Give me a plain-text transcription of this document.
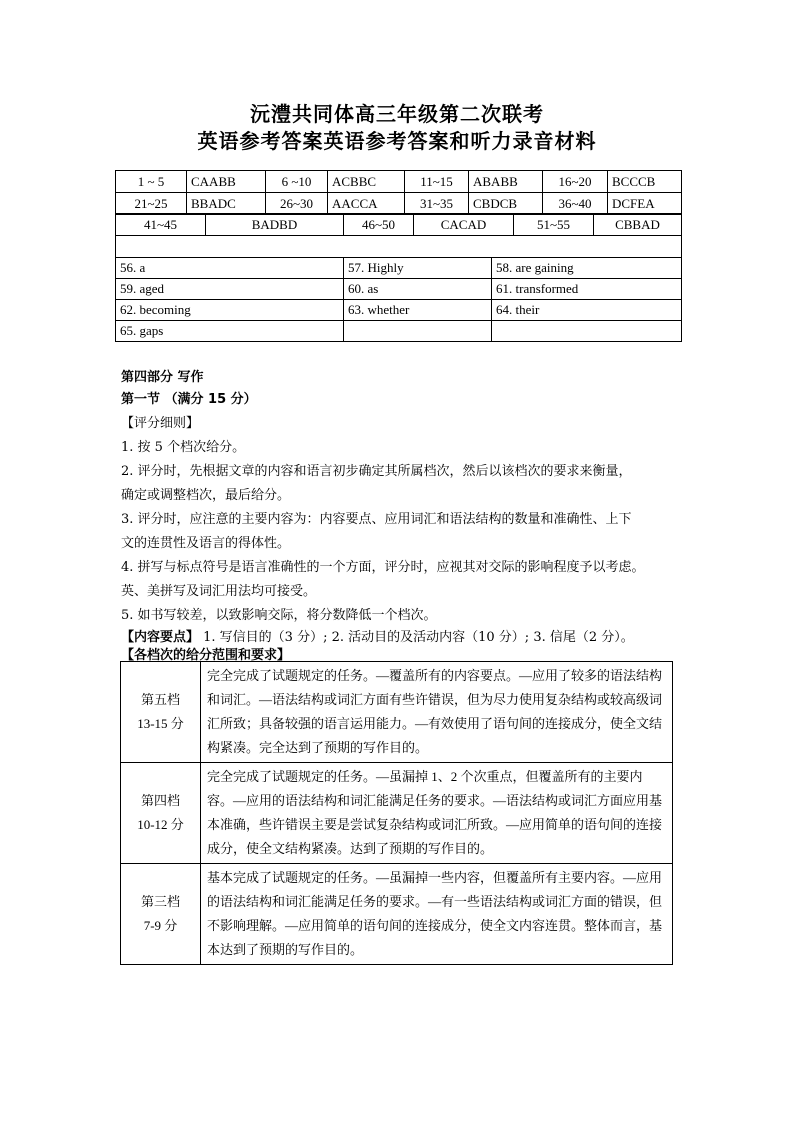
沅澧共同体高三年级第二次联考
英语参考答案英语参考答案和听力录音材料
1 ~ 5	CAABB	6 ~10	ACBBC	11~15	ABABB	16~20	BCCCB
21~25	BBADC	26~30	AACCA	31~35	CBDCB	36~40	DCFEA
41~45	BADBD	46~50	CACAD	51~55	CBBAD

56. a	57. Highly	58. are gaining
59. aged	60. as	61. transformed
62. becoming	63. whether	64. their
65. gaps		
第四部分 写作
第一节 （满分 15 分）
【评分细则】
1. 按 5 个档次给分。
2. 评分时，先根据文章的内容和语言初步确定其所属档次，然后以该档次的要求来衡量，
确定或调整档次，最后给分。
3. 评分时，应注意的主要内容为：内容要点、应用词汇和语法结构的数量和准确性、上下
文的连贯性及语言的得体性。
4. 拼写与标点符号是语言准确性的一个方面，评分时，应视其对交际的影响程度予以考虑。
英、美拼写及词汇用法均可接受。
5. 如书写较差，以致影响交际，将分数降低一个档次。
【内容要点】 1. 写信目的（3 分）; 2. 活动目的及活动内容（10 分）; 3. 信尾（2 分）。
【各档次的给分范围和要求】
第五档
13-15 分	完全完成了试题规定的任务。—覆盖所有的内容要点。—应用了较多的语法结构和词汇。—语法结构或词汇方面有些许错误，但为尽力使用复杂结构或较高级词汇所致；具备较强的语言运用能力。—有效使用了语句间的连接成分，使全文结构紧凑。完全达到了预期的写作目的。

第四档
10-12 分	完全完成了试题规定的任务。—虽漏掉 1、2 个次重点，但覆盖所有的主要内容。—应用的语法结构和词汇能满足任务的要求。—语法结构或词汇方面应用基本准确，些许错误主要是尝试复杂结构或词汇所致。—应用简单的语句间的连接成分，使全文结构紧凑。达到了预期的写作目的。

第三档
7-9 分	基本完成了试题规定的任务。—虽漏掉一些内容，但覆盖所有主要内容。—应用的语法结构和词汇能满足任务的要求。—有一些语法结构或词汇方面的错误，但不影响理解。—应用简单的语句间的连接成分，使全文内容连贯。整体而言，基本达到了预期的写作目的。
